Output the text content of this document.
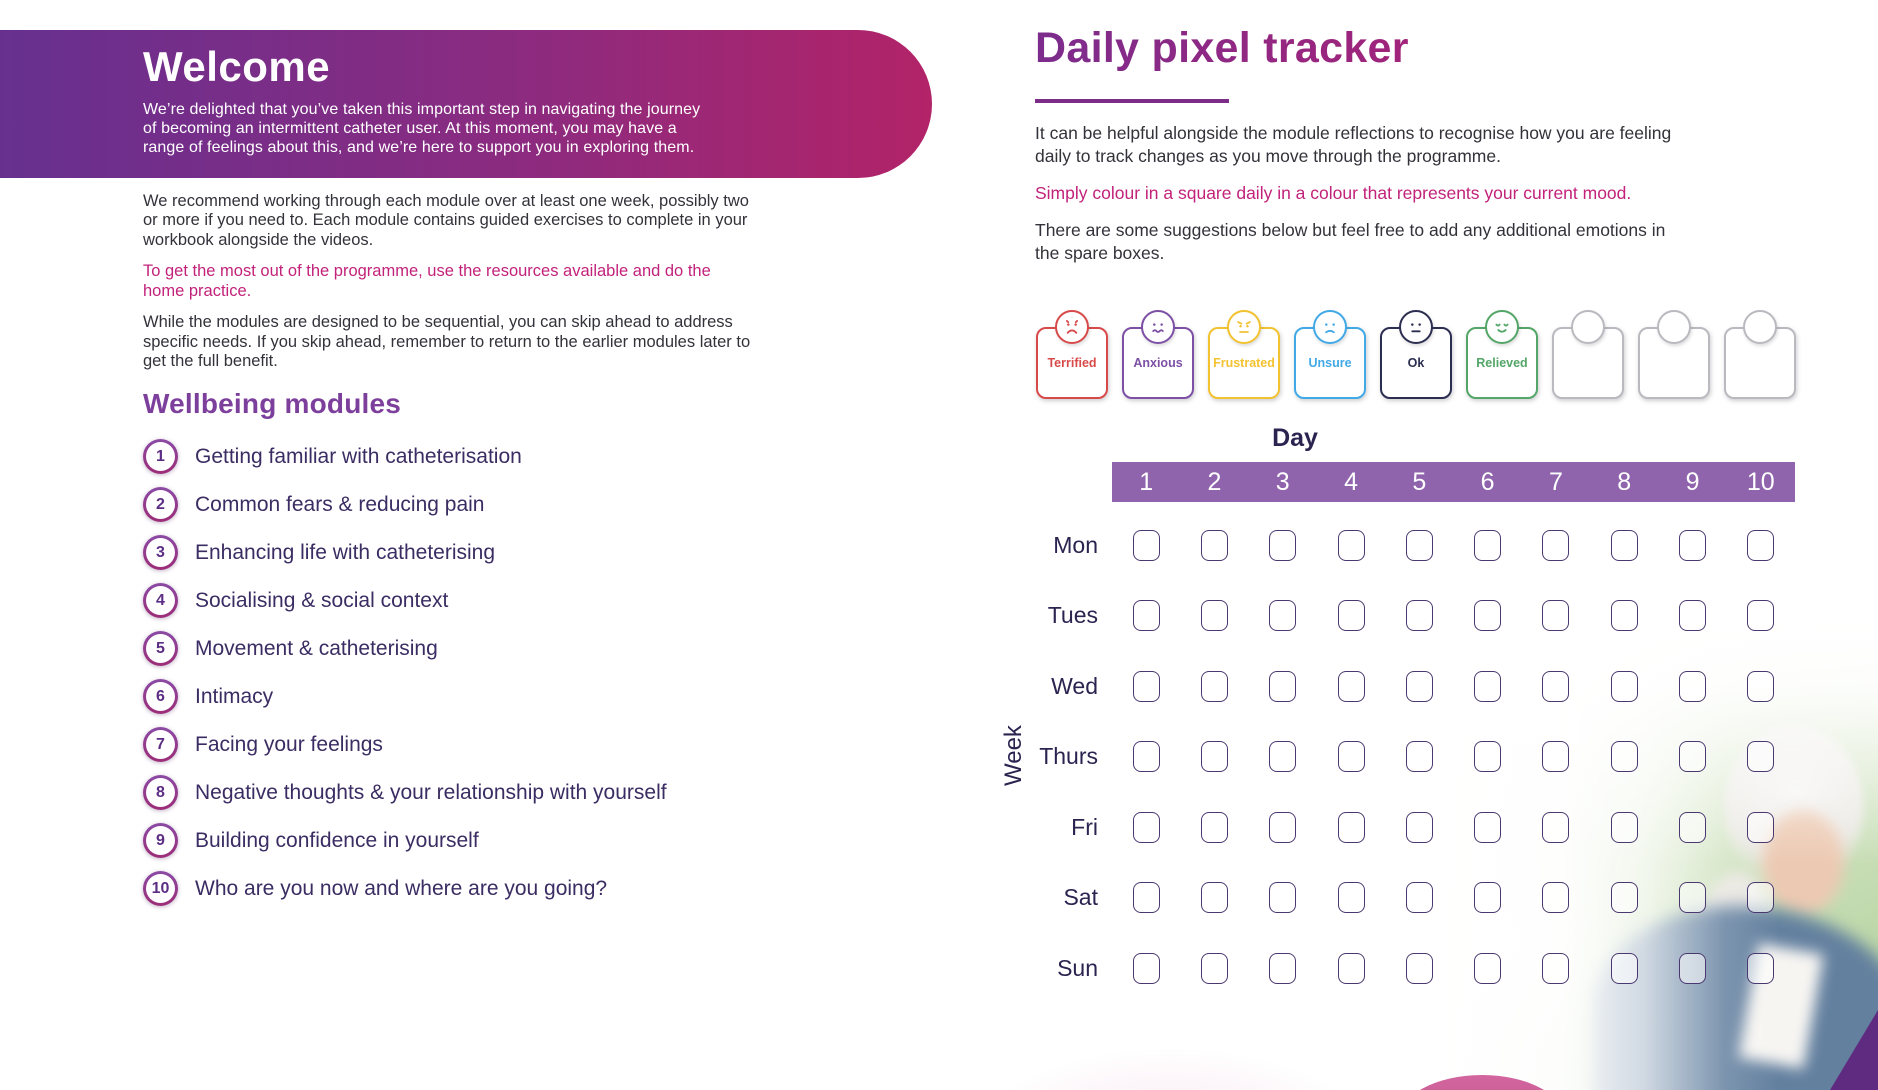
Welcome
We’re delighted that you’ve taken this important step in navigating the journey
of becoming an intermittent catheter user. At this moment, you may have a
range of feelings about this, and we’re here to support you in exploring them.

We recommend working through each module over at least one week, possibly two
or more if you need to. Each module contains guided exercises to complete in your
workbook alongside the videos.

To get the most out of the programme, use the resources available and do the
home practice.

While the modules are designed to be sequential, you can skip ahead to address
specific needs. If you skip ahead, remember to return to the earlier modules later to
get the full benefit.

Wellbeing modules
1	Getting familiar with catheterisation
2	Common fears & reducing pain
3	Enhancing life with catheterising
4	Socialising & social context
5	Movement & catheterising
6	Intimacy
7	Facing your feelings
8	Negative thoughts & your relationship with yourself
9	Building confidence in yourself
10 Who are you now and where are you going?
Daily pixel tracker

It can be helpful alongside the module reflections to recognise how you are feeling
daily to track changes as you move through the programme.

Simply colour in a square daily in a colour that represents your current mood.

There are some suggestions below but feel free to add any additional emotions in
the spare boxes.

Terrified	Anxious	Frustrated	Unsure	Ok	Relieved
Day
1	2	3	4	5	6	7	8	9	10
Week
Mon
Tues
Wed
Thurs
Fri
Sat
Sun
